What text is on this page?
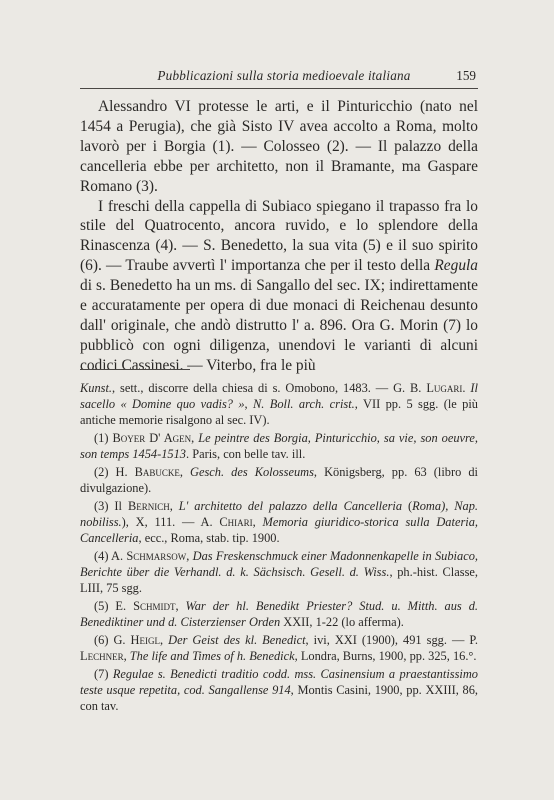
Pubblicazioni sulla storia medioevale italiana	159

Alessandro VI protesse le arti, e il Pinturicchio (nato nel 1454 a Perugia), che già Sisto IV avea accolto a Roma, molto lavorò per i Borgia (1). — Colosseo (2). — Il palazzo della cancelleria ebbe per architetto, non il Bramante, ma Gaspare Romano (3).

I freschi della cappella di Subiaco spiegano il trapasso fra lo stile del Quatrocento, ancora ruvido, e lo splendore della Rinascenza (4). — S. Benedetto, la sua vita (5) e il suo spirito (6). — Traube avvertì l' importanza che per il testo della Regula di s. Benedetto ha un ms. di Sangallo del sec. IX; indirettamente e accuratamente per opera di due monaci di Reichenau desunto dall' originale, che andò distrutto l' a. 896. Ora G. Morin (7) lo pubblicò con ogni diligenza, unendovi le varianti di alcuni codici Cassinesi. — Viterbo, fra le più

Kunst., sett., discorre della chiesa di s. Omobono, 1483. — G. B. Lugari. Il sacello « Domine quo vadis? », N. Boll. arch. crist., VII pp. 5 sgg. (le più antiche memorie risalgono al sec. IV).

(1) Boyer D' Agen, Le peintre des Borgia, Pinturicchio, sa vie, son oeuvre, son temps 1454-1513. Paris, con belle tav. ill.

(2) H. Babucke, Gesch. des Kolosseums, Königsberg, pp. 63 (libro di divulgazione).

(3) Il Bernich, L' architetto del palazzo della Cancelleria (Roma), Nap. nobiliss.), X, 111. — A. Chiari, Memoria giuridico-storica sulla Dateria, Cancelleria, ecc., Roma, stab. tip. 1900.

(4) A. Schmarsow, Das Freskenschmuck einer Madonnenkapelle in Subiaco, Berichte über die Verhandl. d. k. Sächsisch. Gesell. d. Wiss., ph.-hist. Classe, LIII, 75 sgg.

(5) E. Schmidt, War der hl. Benedikt Priester? Stud. u. Mitth. aus d. Benediktiner und d. Cisterzienser Orden XXII, 1-22 (lo afferma).

(6) G. Heigl, Der Geist des kl. Benedict, ivi, XXI (1900), 491 sgg. — P. Lechner, The life and Times of h. Benedick, Londra, Burns, 1900, pp. 325, 16.°.

(7) Regulae s. Benedicti traditio codd. mss. Casinensium a praestantissimo teste usque repetita, cod. Sangallense 914, Montis Casini, 1900, pp. XXIII, 86, con tav.
